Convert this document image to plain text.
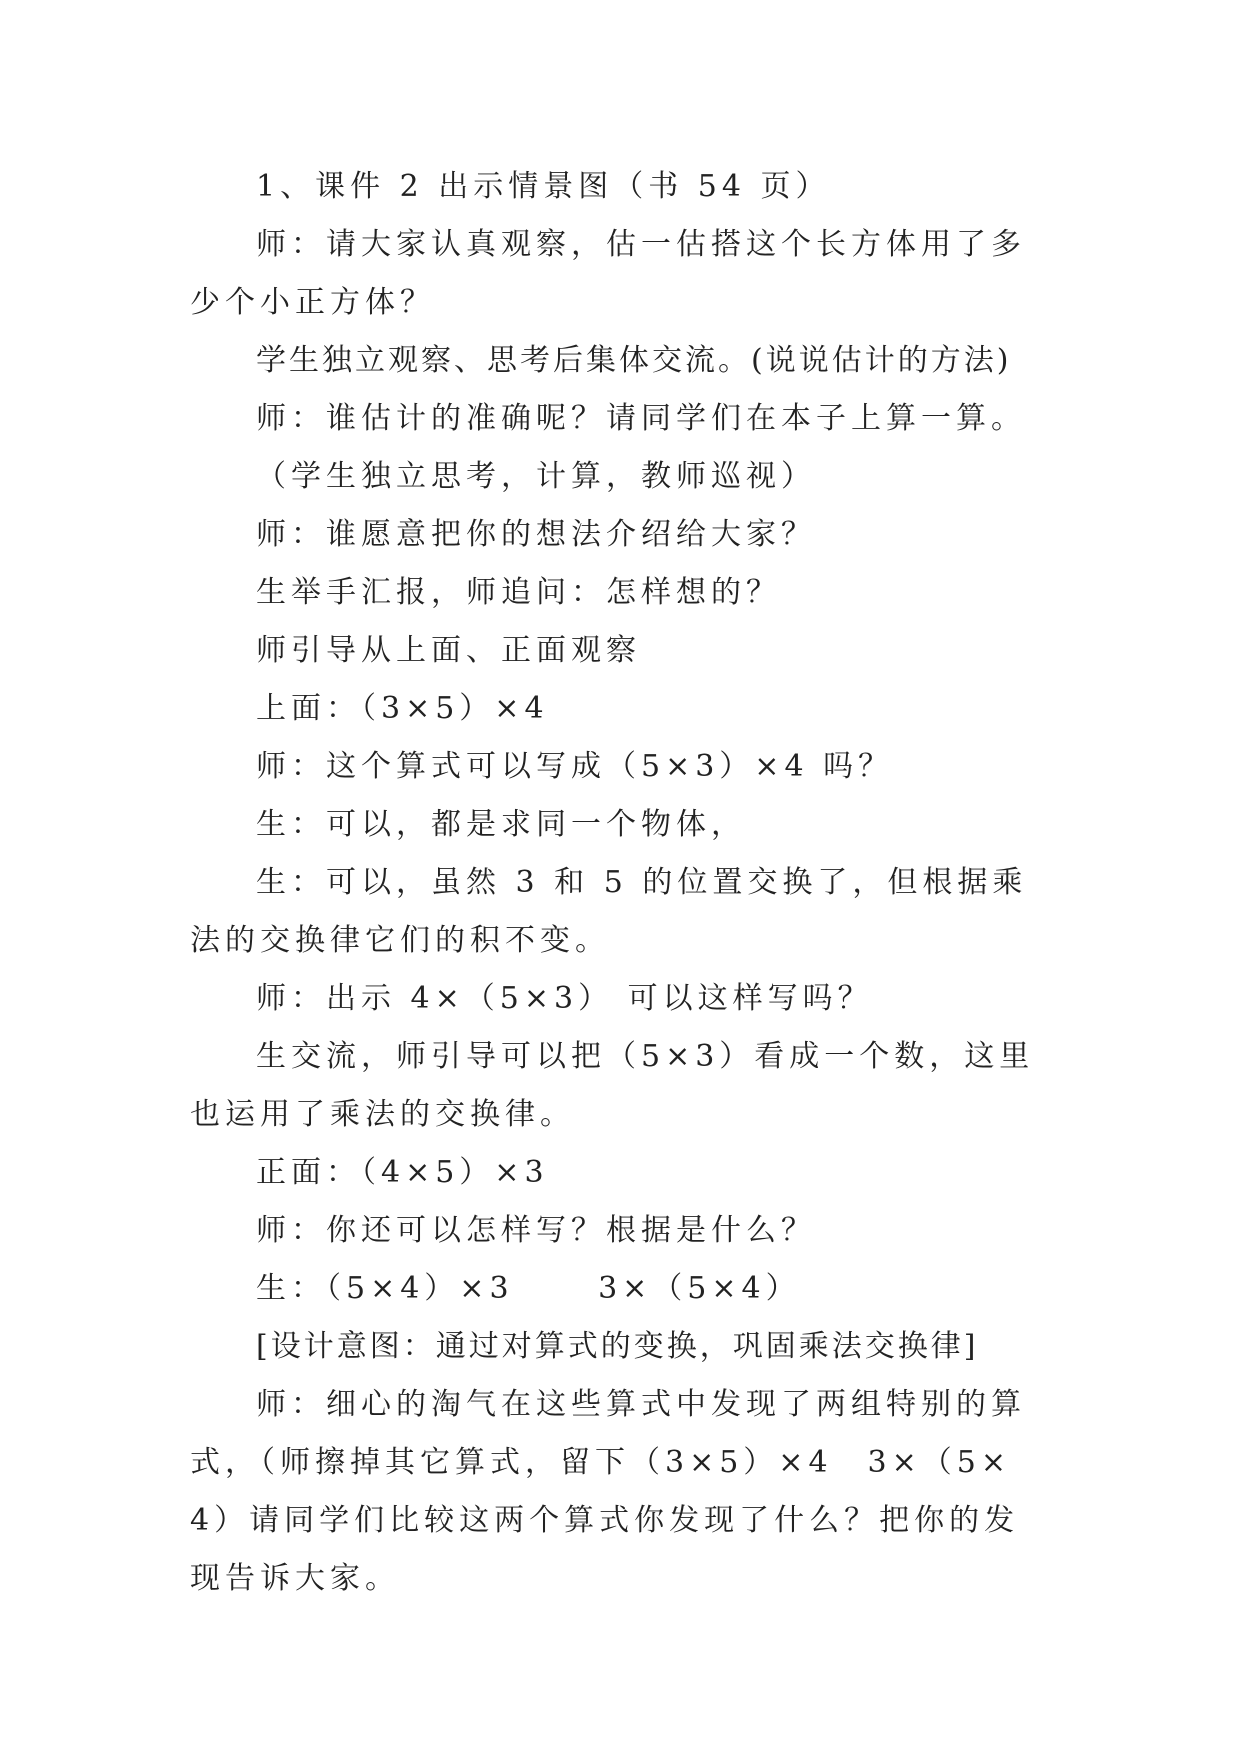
1、课件 2 出示情景图（书 54 页）

师：请大家认真观察，估一估搭这个长方体用了多少个小正方体？

学生独立观察、思考后集体交流。(说说估计的方法)

师：谁估计的准确呢？请同学们在本子上算一算。

（学生独立思考，计算，教师巡视）

师：谁愿意把你的想法介绍给大家？

生举手汇报，师追问：怎样想的？

师引导从上面、正面观察

上面：（3×5）×4

师：这个算式可以写成（5×3）×4 吗？

生：可以，都是求同一个物体，

生：可以，虽然 3 和 5 的位置交换了，但根据乘法的交换律它们的积不变。

师：出示 4×（5×3） 可以这样写吗？

生交流，师引导可以把（5×3）看成一个数，这里也运用了乘法的交换律。

正面：（4×5）×3

师：你还可以怎样写？根据是什么？

生：（5×4）×3　　 3×（5×4）

[设计意图：通过对算式的变换，巩固乘法交换律]

师：细心的淘气在这些算式中发现了两组特别的算式，（师擦掉其它算式，留下（3×5）×4　3×（5×4）请同学们比较这两个算式你发现了什么？把你的发现告诉大家。
